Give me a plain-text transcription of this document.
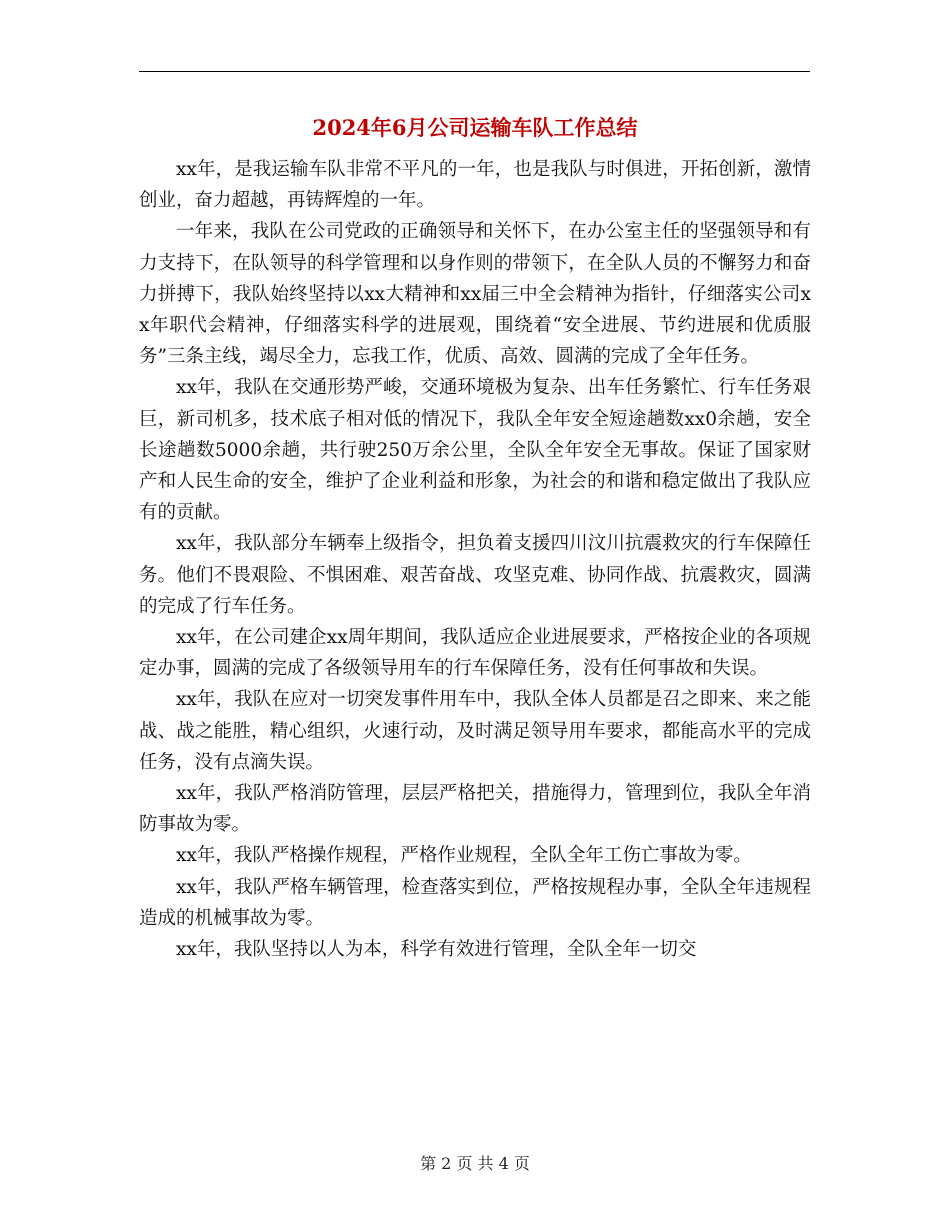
2024年6月公司运输车队工作总结

xx年，是我运输车队非常不平凡的一年，也是我队与时俱进，开拓创新，激情创业，奋力超越，再铸辉煌的一年。

一年来，我队在公司党政的正确领导和关怀下，在办公室主任的坚强领导和有力支持下，在队领导的科学管理和以身作则的带领下，在全队人员的不懈努力和奋力拼搏下，我队始终坚持以xx大精神和xx届三中全会精神为指针，仔细落实公司xx年职代会精神，仔细落实科学的进展观，围绕着“安全进展、节约进展和优质服务”三条主线，竭尽全力，忘我工作，优质、高效、圆满的完成了全年任务。

xx年，我队在交通形势严峻，交通环境极为复杂、出车任务繁忙、行车任务艰巨，新司机多，技术底子相对低的情况下，我队全年安全短途趟数xx0余趟，安全长途趟数5000余趟，共行驶250万余公里，全队全年安全无事故。保证了国家财产和人民生命的安全，维护了企业利益和形象，为社会的和谐和稳定做出了我队应有的贡献。

xx年，我队部分车辆奉上级指令，担负着支援四川汶川抗震救灾的行车保障任务。他们不畏艰险、不惧困难、艰苦奋战、攻坚克难、协同作战、抗震救灾，圆满的完成了行车任务。

xx年，在公司建企xx周年期间，我队适应企业进展要求，严格按企业的各项规定办事，圆满的完成了各级领导用车的行车保障任务，没有任何事故和失误。

xx年，我队在应对一切突发事件用车中，我队全体人员都是召之即来、来之能战、战之能胜，精心组织，火速行动，及时满足领导用车要求，都能高水平的完成任务，没有点滴失误。

xx年，我队严格消防管理，层层严格把关，措施得力，管理到位，我队全年消防事故为零。

xx年，我队严格操作规程，严格作业规程，全队全年工伤亡事故为零。

xx年，我队严格车辆管理，检查落实到位，严格按规程办事，全队全年违规程造成的机械事故为零。

xx年，我队坚持以人为本，科学有效进行管理，全队全年一切交

第 2 页 共 4 页
